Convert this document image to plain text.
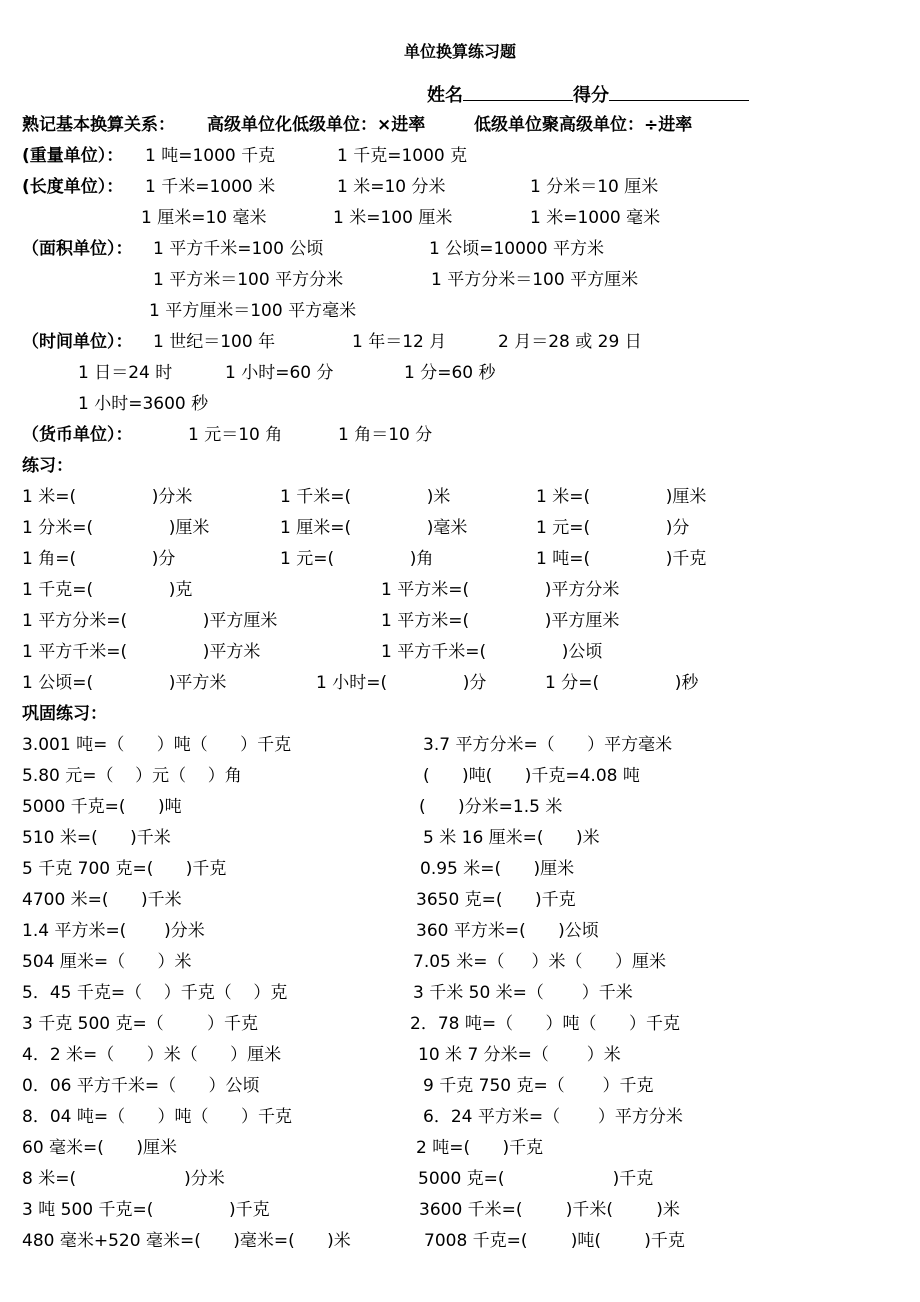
单位换算练习题
姓名	得分
熟记基本换算关系： 高级单位化低级单位：×进率	低级单位聚高级单位：÷进率
(重量单位）： 1 吨=1000 千克	1 千克=1000 克
(长度单位）： 1 千米=1000 米	1 米=10 分米	1 分米＝10 厘米
1 厘米=10 毫米	1 米=100 厘米	1 米=1000 毫米
（面积单位）： 1 平方千米=100 公顷	1 公顷=10000 平方米
1 平方米＝100 平方分米	1 平方分米＝100 平方厘米
1 平方厘米＝100 平方毫米
（时间单位）： 1 世纪＝100 年	1 年＝12 月	2 月＝28 或 29 日
1 日＝24 时	1 小时=60 分	1 分=60 秒
1 小时=3600 秒
（货币单位）：	1 元＝10 角	1 角＝10 分
练习：
1 米=(              )分米	1 千米=(              )米	1 米=(              )厘米
1 分米=(              )厘米	1 厘米=(              )毫米	1 元=(              )分
1 角=(              )分	1 元=(              )角	1 吨=(              )千克
1 千克=(              )克	1 平方米=(              )平方分米
1 平方分米=(              )平方厘米	1 平方米=(              )平方厘米
1 平方千米=(              )平方米	1 平方千米=(              )公顷
1 公顷=(              )平方米	1 小时=(              )分	1 分=(              )秒
巩固练习：
3.001 吨=（      ）吨（      ）千克	3.7 平方分米=（      ）平方毫米
5.80 元=（    ）元（    ）角	(      )吨(      )千克=4.08 吨
5000 千克=(      )吨	(      )分米=1.5 米
510 米=(      )千米	5 米 16 厘米=(      )米
5 千克 700 克=(      )千克	0.95 米=(      )厘米
4700 米=(      )千米	3650 克=(      )千克
1.4 平方米=(       )分米	360 平方米=(      )公顷
504 厘米=（      ）米	7.05 米=（     ）米（      ）厘米
5．45 千克=（    ）千克（    ）克	3 千米 50 米=（       ）千米
3 千克 500 克=（        ）千克	2．78 吨=（      ）吨（      ）千克
4．2 米=（      ）米（      ）厘米	10 米 7 分米=（       ）米
0．06 平方千米=（      ）公顷	9 千克 750 克=（       ）千克
8．04 吨=（      ）吨（      ）千克	6．24 平方米=（       ）平方分米
60 毫米=(      )厘米	2 吨=(      )千克
8 米=(                    )分米	5000 克=(                    )千克
3 吨 500 千克=(              )千克	3600 千米=(        )千米(        )米
480 毫米+520 毫米=(      )毫米=(      )米	7008 千克=(        )吨(        )千克
